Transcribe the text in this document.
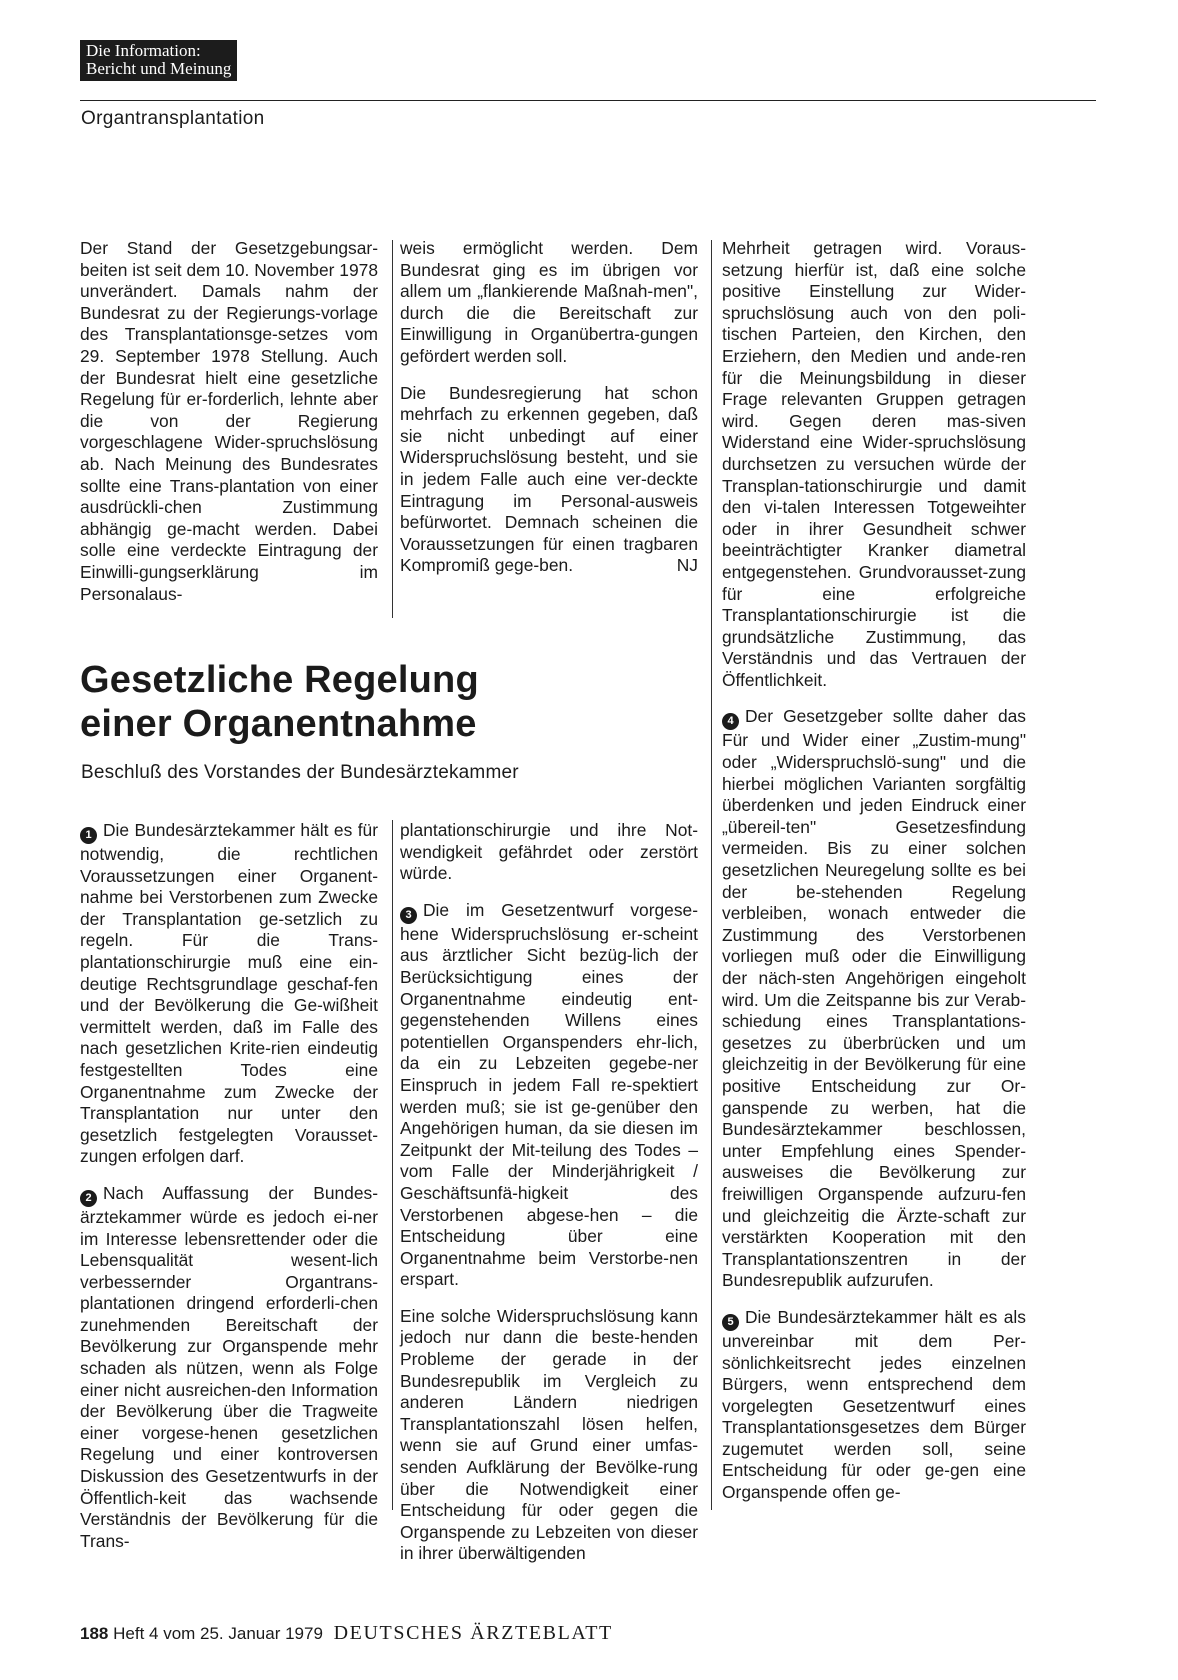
Die Information:
Bericht und Meinung
Organtransplantation

Der Stand der Gesetzgebungsar-beiten ist seit dem 10. November 1978 unverändert. Damals nahm der Bundesrat zu der Regierungs-vorlage des Transplantationsge-setzes vom 29. September 1978 Stellung. Auch der Bundesrat hielt eine gesetzliche Regelung für er-forderlich, lehnte aber die von der Regierung vorgeschlagene Wider-spruchslösung ab. Nach Meinung des Bundesrates sollte eine Trans-plantation von einer ausdrückli-chen Zustimmung abhängig ge-macht werden. Dabei solle eine verdeckte Eintragung der Einwilli-gungserklärung im Personalaus-

weis ermöglicht werden. Dem Bundesrat ging es im übrigen vor allem um „flankierende Maßnah-men", durch die die Bereitschaft zur Einwilligung in Organübertra-gungen gefördert werden soll.

Die Bundesregierung hat schon mehrfach zu erkennen gegeben, daß sie nicht unbedingt auf einer Widerspruchslösung besteht, und sie in jedem Falle auch eine ver-deckte Eintragung im Personal-ausweis befürwortet. Demnach scheinen die Voraussetzungen für einen tragbaren Kompromiß gege-ben.	NJ

Gesetzliche Regelung
einer Organentnahme
Beschluß des Vorstandes der Bundesärztekammer

1 Die Bundesärztekammer hält es für notwendig, die rechtlichen Voraussetzungen einer Organent-nahme bei Verstorbenen zum Zwecke der Transplantation ge-setzlich zu regeln. Für die Trans-plantationschirurgie muß eine ein-deutige Rechtsgrundlage geschaf-fen und der Bevölkerung die Ge-wißheit vermittelt werden, daß im Falle des nach gesetzlichen Krite-rien eindeutig festgestellten Todes eine Organentnahme zum Zwecke der Transplantation nur unter den gesetzlich festgelegten Vorausset-zungen erfolgen darf.

2 Nach Auffassung der Bundes-ärztekammer würde es jedoch ei-ner im Interesse lebensrettender oder die Lebensqualität wesent-lich verbessernder Organtrans-plantationen dringend erforderli-chen zunehmenden Bereitschaft der Bevölkerung zur Organspende mehr schaden als nützen, wenn als Folge einer nicht ausreichen-den Information der Bevölkerung über die Tragweite einer vorgese-henen gesetzlichen Regelung und einer kontroversen Diskussion des Gesetzentwurfs in der Öffentlich-keit das wachsende Verständnis der Bevölkerung für die Trans-

plantationschirurgie und ihre Not-wendigkeit gefährdet oder zerstört würde.

3 Die im Gesetzentwurf vorgese-hene Widerspruchslösung er-scheint aus ärztlicher Sicht bezüg-lich der Berücksichtigung eines der Organentnahme eindeutig ent-gegenstehenden Willens eines potentiellen Organspenders ehr-lich, da ein zu Lebzeiten gegebe-ner Einspruch in jedem Fall re-spektiert werden muß; sie ist ge-genüber den Angehörigen human, da sie diesen im Zeitpunkt der Mit-teilung des Todes – vom Falle der Minderjährigkeit / Geschäftsunfä-higkeit des Verstorbenen abgese-hen – die Entscheidung über eine Organentnahme beim Verstorbe-nen erspart.

Eine solche Widerspruchslösung kann jedoch nur dann die beste-henden Probleme der gerade in der Bundesrepublik im Vergleich zu anderen Ländern niedrigen Transplantationszahl lösen helfen, wenn sie auf Grund einer umfas-senden Aufklärung der Bevölke-rung über die Notwendigkeit einer Entscheidung für oder gegen die Organspende zu Lebzeiten von dieser in ihrer überwältigenden

Mehrheit getragen wird. Voraus-setzung hierfür ist, daß eine solche positive Einstellung zur Wider-spruchslösung auch von den poli-tischen Parteien, den Kirchen, den Erziehern, den Medien und ande-ren für die Meinungsbildung in dieser Frage relevanten Gruppen getragen wird. Gegen deren mas-siven Widerstand eine Wider-spruchslösung durchsetzen zu versuchen würde der Transplan-tationschirurgie und damit den vi-talen Interessen Totgeweihter oder in ihrer Gesundheit schwer beeinträchtigter Kranker diametral entgegenstehen. Grundvorausset-zung für eine erfolgreiche Transplantationschirurgie ist die grundsätzliche Zustimmung, das Verständnis und das Vertrauen der Öffentlichkeit.

4 Der Gesetzgeber sollte daher das Für und Wider einer „Zustim-mung" oder „Widerspruchslö-sung" und die hierbei möglichen Varianten sorgfältig überdenken und jeden Eindruck einer „übereil-ten" Gesetzesfindung vermeiden. Bis zu einer solchen gesetzlichen Neuregelung sollte es bei der be-stehenden Regelung verbleiben, wonach entweder die Zustimmung des Verstorbenen vorliegen muß oder die Einwilligung der näch-sten Angehörigen eingeholt wird. Um die Zeitspanne bis zur Verab-schiedung eines Transplantations-gesetzes zu überbrücken und um gleichzeitig in der Bevölkerung für eine positive Entscheidung zur Or-ganspende zu werben, hat die Bundesärztekammer beschlossen, unter Empfehlung eines Spender-ausweises die Bevölkerung zur freiwilligen Organspende aufzuru-fen und gleichzeitig die Ärzte-schaft zur verstärkten Kooperation mit den Transplantationszentren in der Bundesrepublik aufzurufen.

5 Die Bundesärztekammer hält es als unvereinbar mit dem Per-sönlichkeitsrecht jedes einzelnen Bürgers, wenn entsprechend dem vorgelegten Gesetzentwurf eines Transplantationsgesetzes dem Bürger zugemutet werden soll, seine Entscheidung für oder ge-gen eine Organspende offen ge-

188 Heft 4 vom 25. Januar 1979 DEUTSCHES ÄRZTEBLATT
